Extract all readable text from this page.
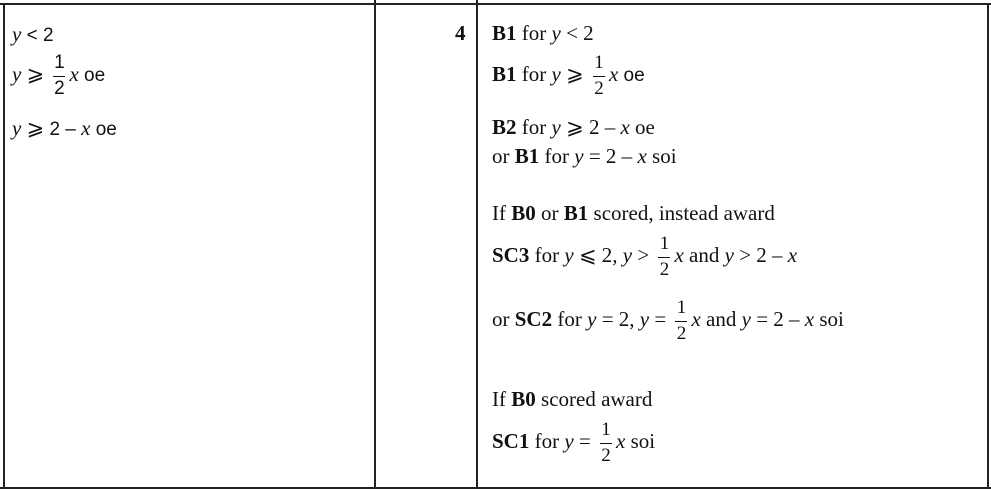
y < 2
y ⩾ $\frac{1}{2}$ x oe
y ⩾ 2 – x oe
4 B1 for y < 2
B1 for y ⩾ $\frac{1}{2}$ x oe
B2 for y ⩾ 2 – x oe
or B1 for y = 2 – x soi
If B0 or B1 scored, instead award
SC3 for y ⩽ 2, $y > \frac{1}{2}$ x and y > 2 – x
or SC2 for y = 2, $y = \frac{1}{2}$ x and y = 2 – x soi
If B0 scored award
SC1 for $y = \frac{1}{2}$ x soi
